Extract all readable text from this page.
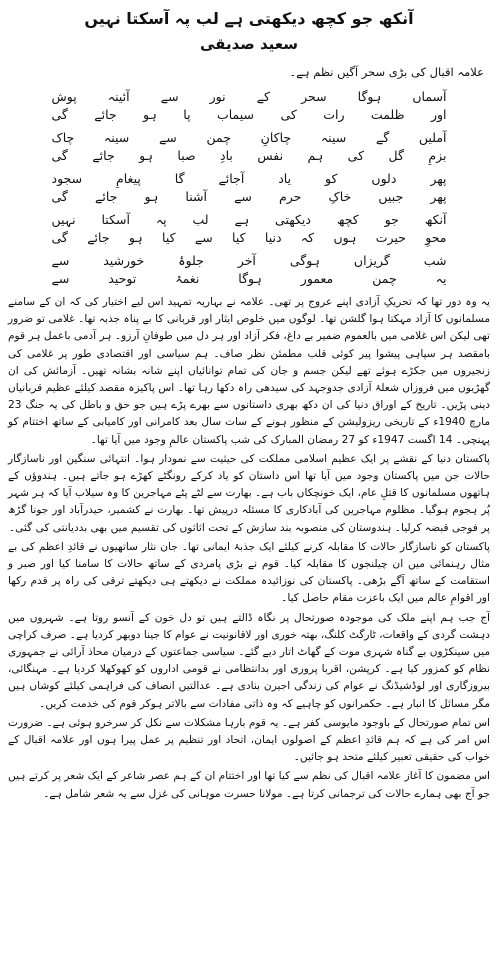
آنکھ جو کچھ دیکھتی ہے لب پہ آسکتا نہیں
سعید صدیقی
علامہ اقبال کی بڑی سحر آگیں نظم ہے۔
آسماں ہوگا سحر کے نور سے آئینہ پوش
اور ظلمت رات کی سیماب پا ہو جائے گی
آملیں گے سینہ چاکانِ چمن سے سینہ چاک
بزمِ گل کی ہم نفس بادِ صبا ہو جائے گی
پھر دلوں کو یاد آجائے گا پیغامِ سجود
پھر جبیں خاکِ حرم سے آشنا ہو جائے گی
آنکھ جو کچھ دیکھتی ہے لب پہ آسکتا نہیں
محوِ حیرت ہوں کہ دنیا کیا سے کیا ہو جائے گی
شب گریزاں ہوگی آخر جلوۂ خورشید سے
یہ چمن معمور ہوگا نغمۂ توحید سے

یہ وہ دور تھا کہ تحریکِ آزادی اپنے عروج پر تھی۔ علامہ نے بہاریہ تمہید اس لیے اختیار کی کہ ان کے سامنے مسلمانوں کا آزاد مہکتا ہوا گلشن تھا۔ لوگوں میں خلوص ایثار اور قربانی کا بے پناہ جذبہ تھا۔ غلامی تو ضرور تھی لیکن اس غلامی میں بالعموم ضمیر بے داغ، فکر آزاد اور ہر دل میں طوفانِ آرزو۔ ہر آدمی باعمل ہر قوم بامقصد ہر سپاہی پیشوا پیر کوئی قلب مطمئن نظر صاف۔ ہم سیاسی اور اقتصادی طور پر غلامی کی زنجیروں میں جکڑے ہوئے تھے لیکن جسم و جان کی تمام توانائیاں اپنے شانہ بشانہ تھیں۔ آزمائش کی ان گھڑیوں میں فروزاں شعلۂ آزادی جدوجہد کی سیدھی راہ دکھا رہا تھا۔ اس پاکیزہ مقصد کیلئے عظیم قربانیاں دینی پڑیں۔ تاریخ کے اوراق دنیا کی ان دکھ بھری داستانوں سے بھرے پڑے ہیں جو حق و باطل کی یہ جنگ 23 مارچ 1940ء کے تاریخی ریزولیشن کے منظور ہونے کے سات سال بعد کامرانی اور کامیابی کے ساتھ اختتام کو پہنچی۔ 14 اگست 1947ء کو 27 رمضان المبارک کی شب پاکستان عالمِ وجود میں آیا تھا۔

پاکستان دنیا کے نقشے پر ایک عظیم اسلامی مملکت کی حیثیت سے نمودار ہوا۔ انتہائی سنگین اور ناسازگار حالات جن میں پاکستان وجود میں آیا تھا اس داستان کو یاد کرکے رونگٹے کھڑے ہو جاتے ہیں۔ ہندوؤں کے ہاتھوں مسلمانوں کا قتلِ عام، ایک خونچکاں باب ہے۔ بھارت سے لٹے پٹے مہاجرین کا وہ سیلاب آیا کہ ہر شہر پُر ہجوم ہوگیا۔ مظلوم مہاجرین کی آبادکاری کا مسئلہ درپیش تھا۔ بھارت نے کشمیر، حیدرآباد اور جونا گڑھ پر فوجی قبضہ کرلیا۔ ہندوستان کی منصوبہ بند سازش کے تحت اثاثوں کی تقسیم میں بھی بددیانتی کی گئی۔

پاکستان کو ناسازگار حالات کا مقابلہ کرنے کیلئے ایک جذبۂ ایمانی تھا۔ جان نثار ساتھیوں نے قائدِ اعظم کی بے مثال رہنمائی میں ان چیلنجوں کا مقابلہ کیا۔ قوم نے بڑی پامردی کے ساتھ حالات کا سامنا کیا اور صبر و استقامت کے ساتھ آگے بڑھی۔ پاکستان کی نوزائیدہ مملکت نے دیکھتے ہی دیکھتے ترقی کی راہ پر قدم رکھا اور اقوامِ عالم میں ایک باعزت مقام حاصل کیا۔

آج جب ہم اپنے ملک کی موجودہ صورتحال پر نگاہ ڈالتے ہیں تو دل خون کے آنسو روتا ہے۔ شہروں میں دہشت گردی کے واقعات، ٹارگٹ کلنگ، بھتہ خوری اور لاقانونیت نے عوام کا جینا دوبھر کردیا ہے۔ صرف کراچی میں سینکڑوں بے گناہ شہری موت کے گھاٹ اتار دیے گئے۔ سیاسی جماعتوں کے درمیان محاذ آرائی نے جمہوری نظام کو کمزور کیا ہے۔ کرپشن، اقربا پروری اور بدانتظامی نے قومی اداروں کو کھوکھلا کردیا ہے۔ مہنگائی، بیروزگاری اور لوڈشیڈنگ نے عوام کی زندگی اجیرن بنادی ہے۔ عدالتیں انصاف کی فراہمی کیلئے کوشاں ہیں مگر مسائل کا انبار ہے۔ حکمرانوں کو چاہیے کہ وہ ذاتی مفادات سے بالاتر ہوکر قوم کی خدمت کریں۔

اس تمام صورتحال کے باوجود مایوسی کفر ہے۔ یہ قوم بارہا مشکلات سے نکل کر سرخرو ہوئی ہے۔ ضرورت اس امر کی ہے کہ ہم قائدِ اعظم کے اصولوں ایمان، اتحاد اور تنظیم پر عمل پیرا ہوں اور علامہ اقبال کے خواب کی حقیقی تعبیر کیلئے متحد ہو جائیں۔

اس مضمون کا آغاز علامہ اقبال کی نظم سے کیا تھا اور اختتام ان کے ہم عصر شاعر کے ایک شعر پر کرتے ہیں جو آج بھی ہمارے حالات کی ترجمانی کرتا ہے۔ مولانا حسرت موہانی کی غزل سے یہ شعر شامل ہے۔
